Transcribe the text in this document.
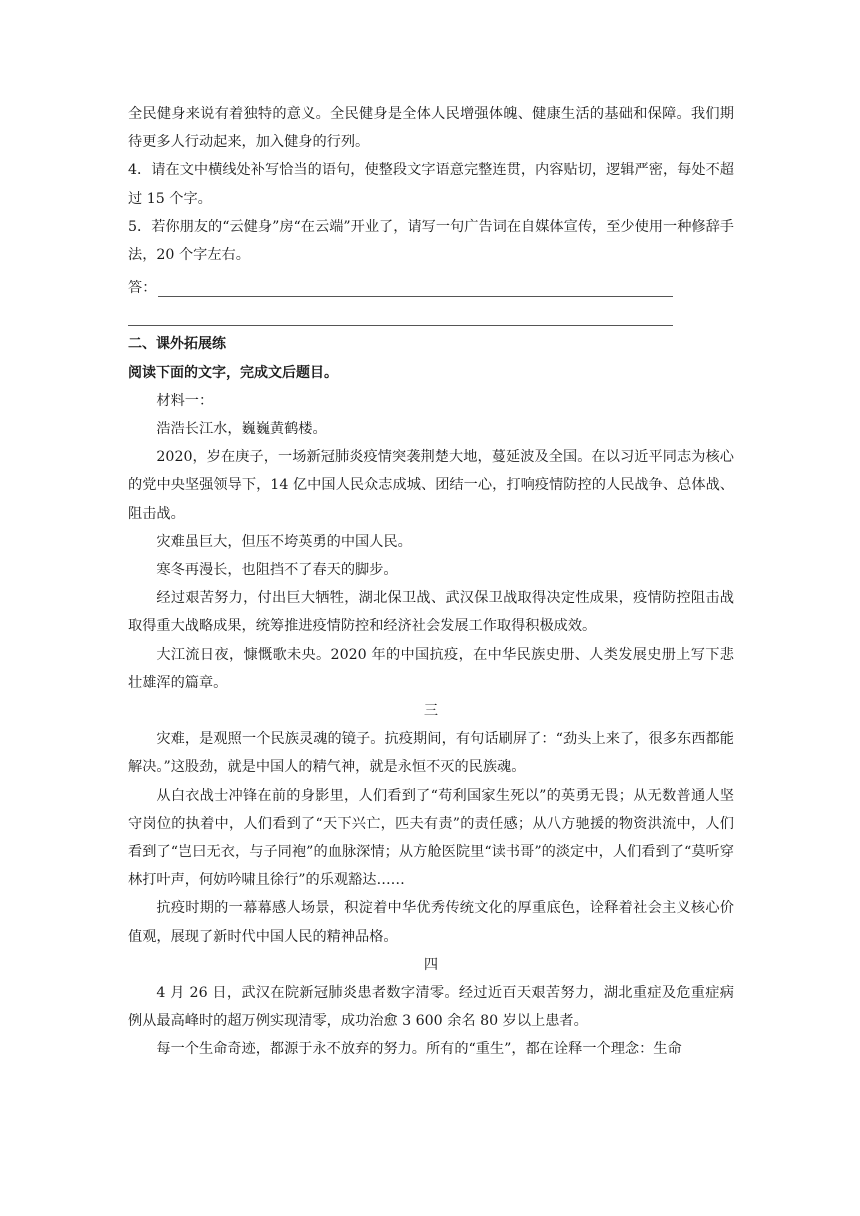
全民健身来说有着独特的意义。全民健身是全体人民增强体魄、健康生活的基础和保障。我们期待更多人行动起来，加入健身的行列。

4．请在文中横线处补写恰当的语句，使整段文字语意完整连贯，内容贴切，逻辑严密，每处不超过 15 个字。

5．若你朋友的“云健身”房“在云端”开业了，请写一句广告词在自媒体宣传，至少使用一种修辞手法，20 个字左右。

答：

二、课外拓展练

阅读下面的文字，完成文后题目。

材料一：

浩浩长江水，巍巍黄鹤楼。

2020，岁在庚子，一场新冠肺炎疫情突袭荆楚大地，蔓延波及全国。在以习近平同志为核心的党中央坚强领导下，14 亿中国人民众志成城、团结一心，打响疫情防控的人民战争、总体战、阻击战。

灾难虽巨大，但压不垮英勇的中国人民。

寒冬再漫长，也阻挡不了春天的脚步。

经过艰苦努力，付出巨大牺牲，湖北保卫战、武汉保卫战取得决定性成果，疫情防控阻击战取得重大战略成果，统筹推进疫情防控和经济社会发展工作取得积极成效。

大江流日夜，慷慨歌未央。2020 年的中国抗疫，在中华民族史册、人类发展史册上写下悲壮雄浑的篇章。

三

灾难，是观照一个民族灵魂的镜子。抗疫期间，有句话刷屏了：“劲头上来了，很多东西都能解决。”这股劲，就是中国人的精气神，就是永恒不灭的民族魂。

从白衣战士冲锋在前的身影里，人们看到了“苟利国家生死以”的英勇无畏；从无数普通人坚守岗位的执着中，人们看到了“天下兴亡，匹夫有责”的责任感；从八方驰援的物资洪流中，人们看到了“岂曰无衣，与子同袍”的血脉深情；从方舱医院里“读书哥”的淡定中，人们看到了“莫听穿林打叶声，何妨吟啸且徐行”的乐观豁达……

抗疫时期的一幕幕感人场景，积淀着中华优秀传统文化的厚重底色，诠释着社会主义核心价值观，展现了新时代中国人民的精神品格。

四

4 月 26 日，武汉在院新冠肺炎患者数字清零。经过近百天艰苦努力，湖北重症及危重症病例从最高峰时的超万例实现清零，成功治愈 3 600 余名 80 岁以上患者。

每一个生命奇迹，都源于永不放弃的努力。所有的“重生”，都在诠释一个理念：生命
